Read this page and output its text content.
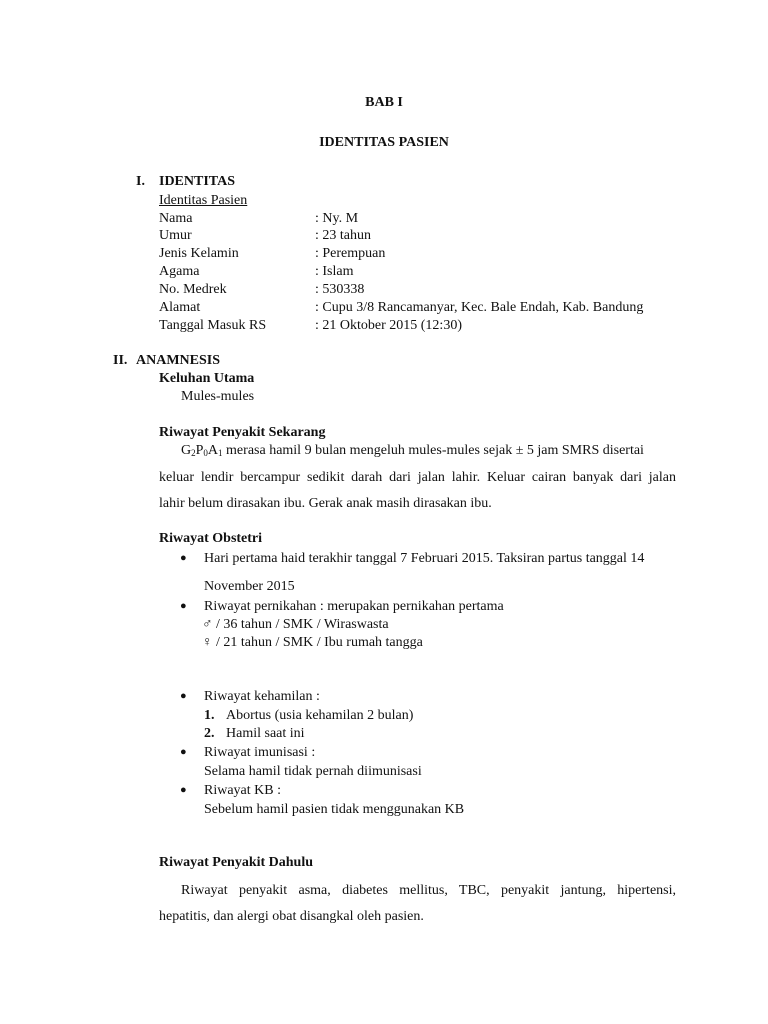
BAB I
IDENTITAS PASIEN
I. IDENTITAS
Identitas Pasien
Nama	: Ny. M
Umur	: 23 tahun
Jenis Kelamin	: Perempuan
Agama	: Islam
No. Medrek	: 530338
Alamat	: Cupu 3/8 Rancamanyar, Kec. Bale Endah, Kab. Bandung
Tanggal Masuk RS	: 21 Oktober 2015 (12:30)
II. ANAMNESIS
Keluhan Utama
Mules-mules
Riwayat Penyakit Sekarang
$G_2P_0A_1$ merasa hamil 9 bulan mengeluh mules-mules sejak ± 5 jam SMRS disertai
keluar lendir bercampur sedikit darah dari jalan lahir. Keluar cairan banyak dari jalan
lahir belum dirasakan ibu. Gerak anak masih dirasakan ibu.
Riwayat Obstetri
● Hari pertama haid terakhir tanggal 7 Februari 2015. Taksiran partus tanggal 14
November 2015
● Riwayat pernikahan : merupakan pernikahan pertama
♂ / 36 tahun / SMK / Wiraswasta
♀ / 21 tahun / SMK / Ibu rumah tangga
● Riwayat kehamilan :
1. Abortus (usia kehamilan 2 bulan)
2. Hamil saat ini
● Riwayat imunisasi :
Selama hamil tidak pernah diimunisasi
● Riwayat KB :
Sebelum hamil pasien tidak menggunakan KB
Riwayat Penyakit Dahulu
Riwayat penyakit asma, diabetes mellitus, TBC, penyakit jantung, hipertensi,
hepatitis, dan alergi obat disangkal oleh pasien.
